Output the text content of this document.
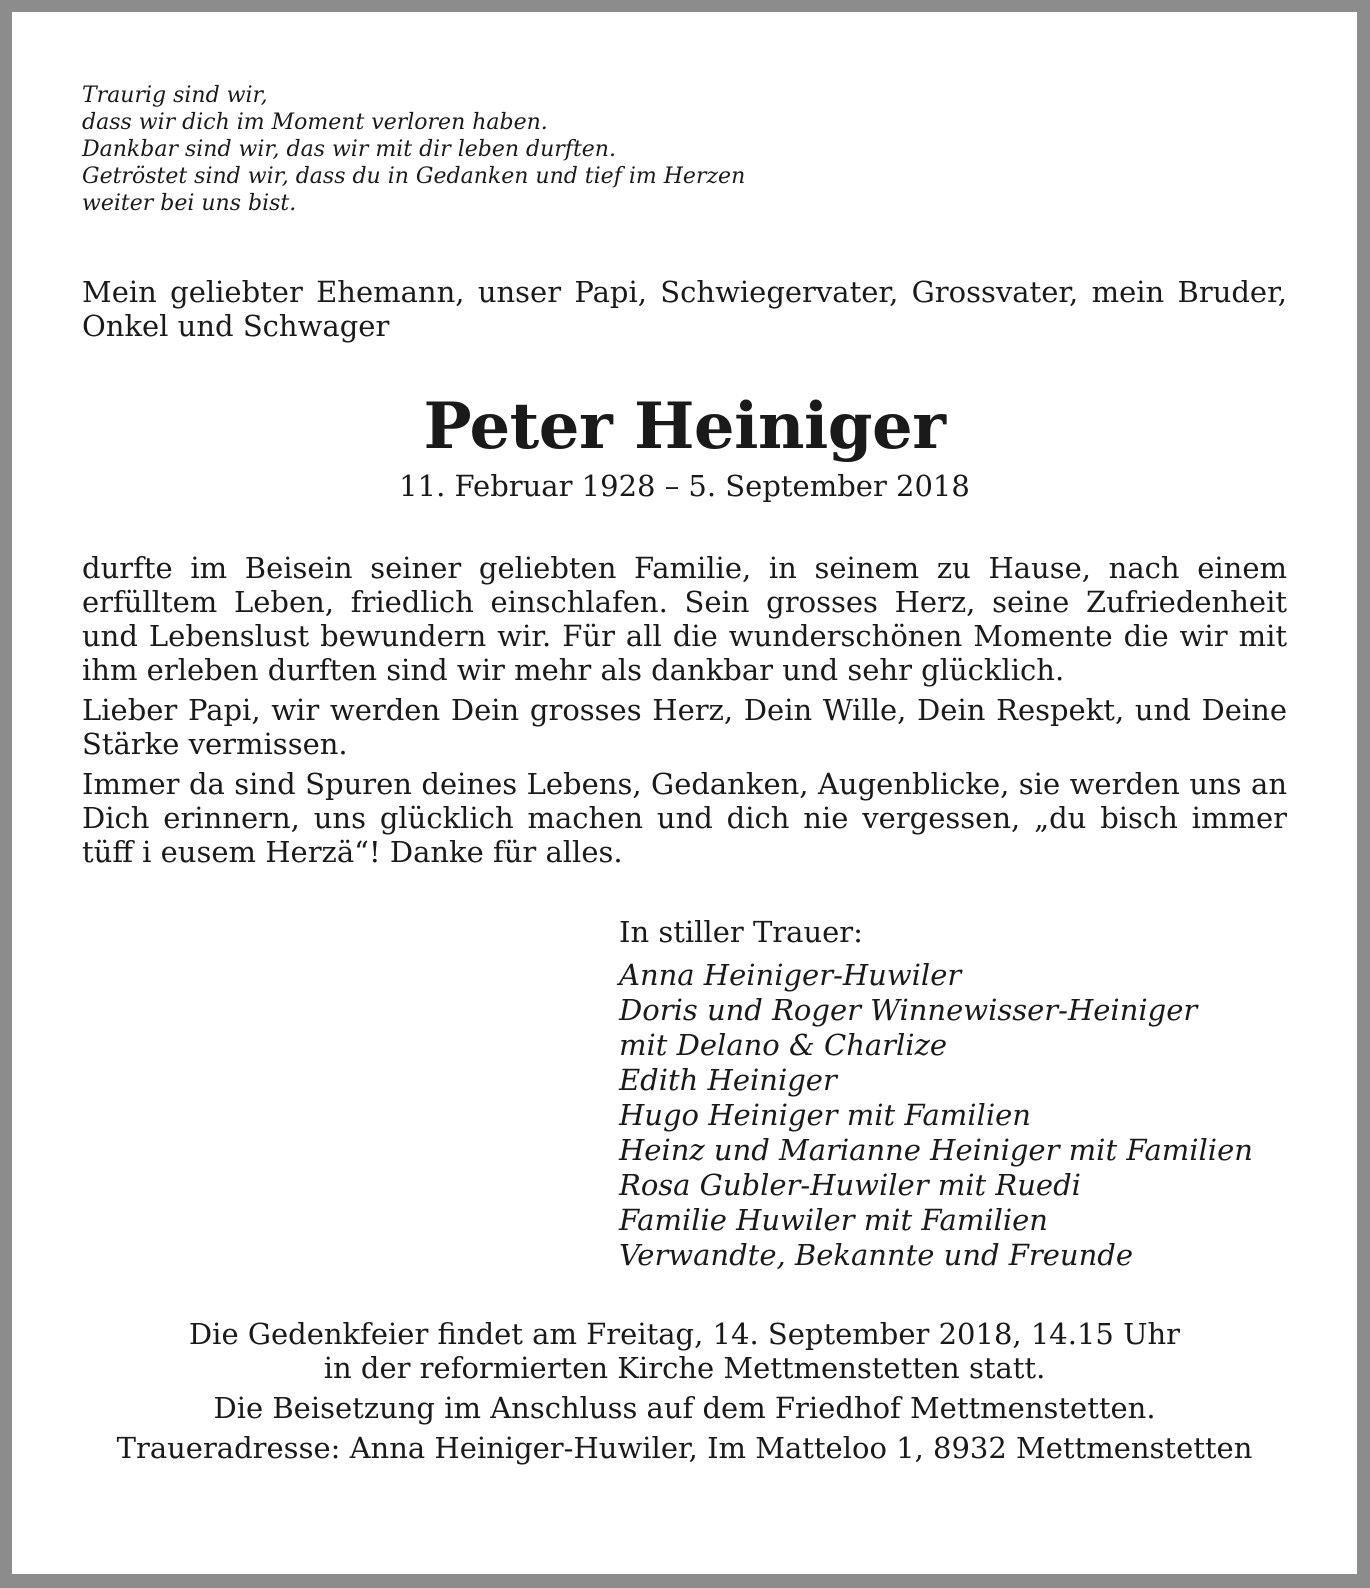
Traurig sind wir,
dass wir dich im Moment verloren haben.
Dankbar sind wir, das wir mit dir leben durften.
Getröstet sind wir, dass du in Gedanken und tief im Herzen
weiter bei uns bist.
Mein geliebter Ehemann, unser Papi, Schwiegervater, Grossvater, mein Bruder, Onkel und Schwager
Peter Heiniger
11. Februar 1928 – 5. September 2018

durfte im Beisein seiner geliebten Familie, in seinem zu Hause, nach einem erfülltem Leben, friedlich einschlafen. Sein grosses Herz, seine Zufriedenheit und Lebenslust bewundern wir. Für all die wunderschönen Momente die wir mit ihm erleben durften sind wir mehr als dankbar und sehr glücklich.

Lieber Papi, wir werden Dein grosses Herz, Dein Wille, Dein Respekt, und Deine Stärke vermissen.

Immer da sind Spuren deines Lebens, Gedanken, Augenblicke, sie werden uns an Dich erinnern, uns glücklich machen und dich nie vergessen, „du bisch immer tüff i eusem Herzä“! Danke für alles.

In stiller Trauer:
Anna Heiniger-Huwiler
Doris und Roger Winnewisser-Heiniger
mit Delano & Charlize
Edith Heiniger
Hugo Heiniger mit Familien
Heinz und Marianne Heiniger mit Familien
Rosa Gubler-Huwiler mit Ruedi
Familie Huwiler mit Familien
Verwandte, Bekannte und Freunde

Die Gedenkfeier findet am Freitag, 14. September 2018, 14.15 Uhr
in der reformierten Kirche Mettmenstetten statt.

Die Beisetzung im Anschluss auf dem Friedhof Mettmenstetten.

Traueradresse: Anna Heiniger-Huwiler, Im Matteloo 1, 8932 Mettmenstetten
